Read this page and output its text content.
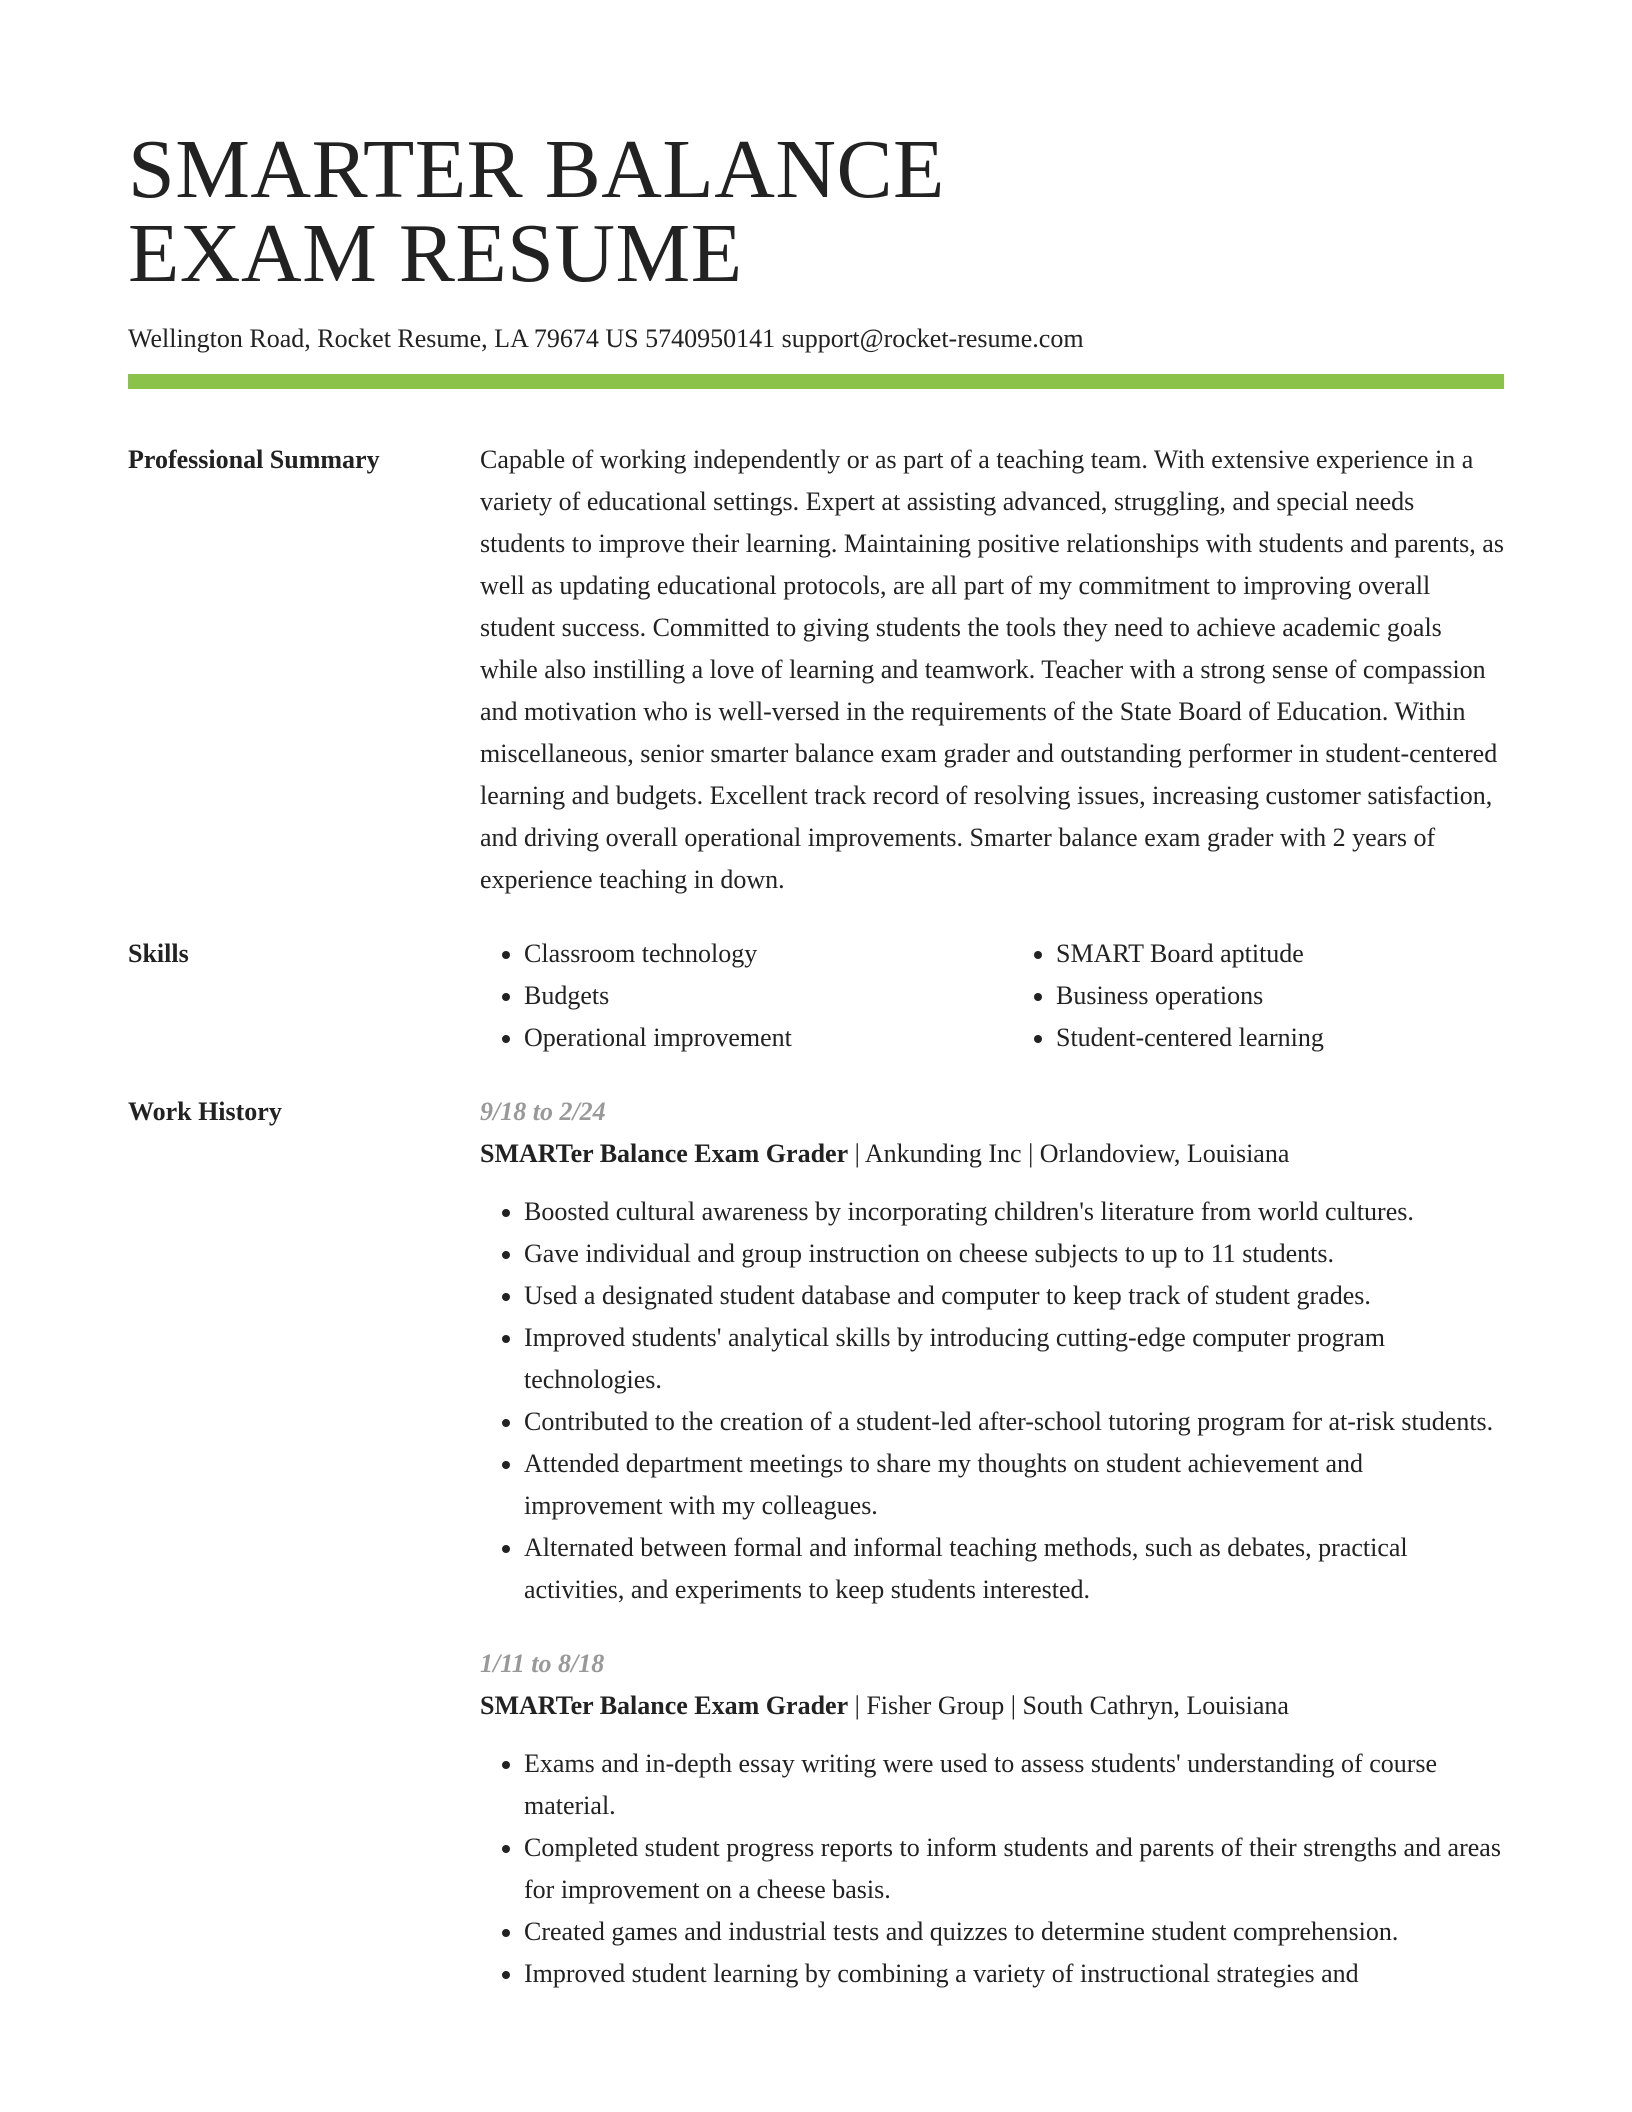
SMARTER BALANCE
EXAM RESUME
Wellington Road, Rocket Resume, LA 79674 US 5740950141 support@rocket-resume.com
Professional Summary	Capable of working independently or as part of a teaching team. With extensive experience in a variety of educational settings. Expert at assisting advanced, struggling, and special needs students to improve their learning. Maintaining positive relationships with students and parents, as well as updating educational protocols, are all part of my commitment to improving overall student success. Committed to giving students the tools they need to achieve academic goals while also instilling a love of learning and teamwork. Teacher with a strong sense of compassion and motivation who is well-versed in the requirements of the State Board of Education. Within miscellaneous, senior smarter balance exam grader and outstanding performer in student-centered learning and budgets. Excellent track record of resolving issues, increasing customer satisfaction, and driving overall operational improvements. Smarter balance exam grader with 2 years of experience teaching in down.
Skills
•	Classroom technology
• Budgets
• Operational improvement
• SMART Board aptitude
• Business operations
• Student-centered learning
Work History	9/18 to 2/24
SMARTer Balance Exam Grader | Ankunding Inc | Orlandoview, Louisiana
• Boosted cultural awareness by incorporating children's literature from world cultures.
• Gave individual and group instruction on cheese subjects to up to 11 students.
• Used a designated student database and computer to keep track of student grades.
• Improved students' analytical skills by introducing cutting-edge computer program technologies.
• Contributed to the creation of a student-led after-school tutoring program for at-risk students.
• Attended department meetings to share my thoughts on student achievement and improvement with my colleagues.
• Alternated between formal and informal teaching methods, such as debates, practical activities, and experiments to keep students interested.
1/11 to 8/18
SMARTer Balance Exam Grader | Fisher Group | South Cathryn, Louisiana
• Exams and in-depth essay writing were used to assess students' understanding of course material.
• Completed student progress reports to inform students and parents of their strengths and areas for improvement on a cheese basis.
• Created games and industrial tests and quizzes to determine student comprehension.
• Improved student learning by combining a variety of instructional strategies and
